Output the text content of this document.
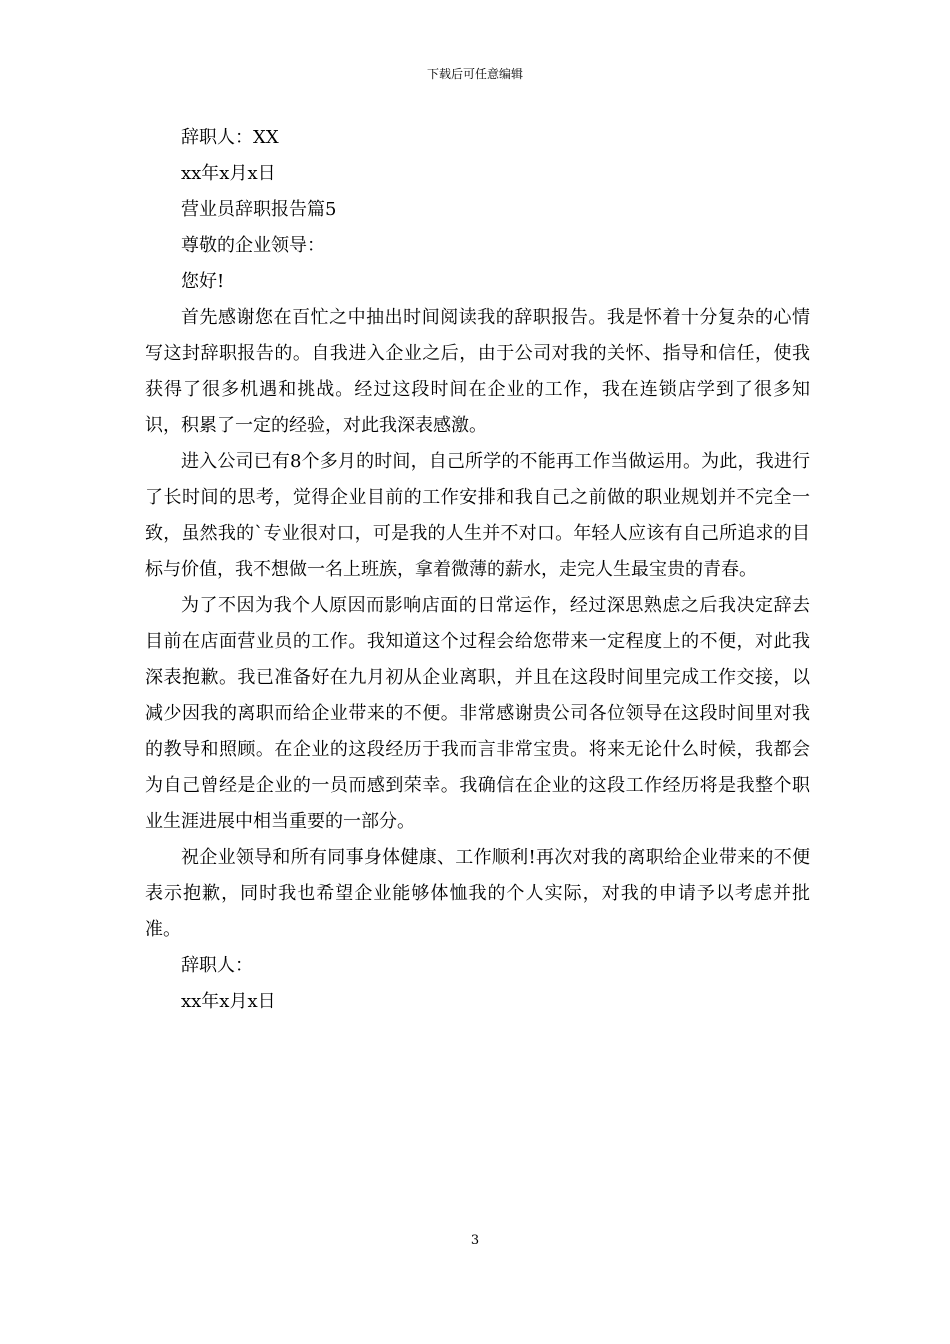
下载后可任意编辑

辞职人：XX

xx年x月x日

营业员辞职报告篇5

尊敬的企业领导：

您好!

首先感谢您在百忙之中抽出时间阅读我的辞职报告。我是怀着十分复杂的心情写这封辞职报告的。自我进入企业之后，由于公司对我的关怀、指导和信任，使我获得了很多机遇和挑战。经过这段时间在企业的工作，我在连锁店学到了很多知识，积累了一定的经验，对此我深表感激。

进入公司已有8个多月的时间，自己所学的不能再工作当做运用。为此，我进行了长时间的思考，觉得企业目前的工作安排和我自己之前做的职业规划并不完全一致，虽然我的`专业很对口，可是我的人生并不对口。年轻人应该有自己所追求的目标与价值，我不想做一名上班族，拿着微薄的薪水，走完人生最宝贵的青春。

为了不因为我个人原因而影响店面的日常运作，经过深思熟虑之后我决定辞去目前在店面营业员的工作。我知道这个过程会给您带来一定程度上的不便，对此我深表抱歉。我已准备好在九月初从企业离职，并且在这段时间里完成工作交接，以减少因我的离职而给企业带来的不便。非常感谢贵公司各位领导在这段时间里对我的教导和照顾。在企业的这段经历于我而言非常宝贵。将来无论什么时候，我都会为自己曾经是企业的一员而感到荣幸。我确信在企业的这段工作经历将是我整个职业生涯进展中相当重要的一部分。

祝企业领导和所有同事身体健康、工作顺利!再次对我的离职给企业带来的不便表示抱歉，同时我也希望企业能够体恤我的个人实际，对我的申请予以考虑并批准。

辞职人：

xx年x月x日

3
